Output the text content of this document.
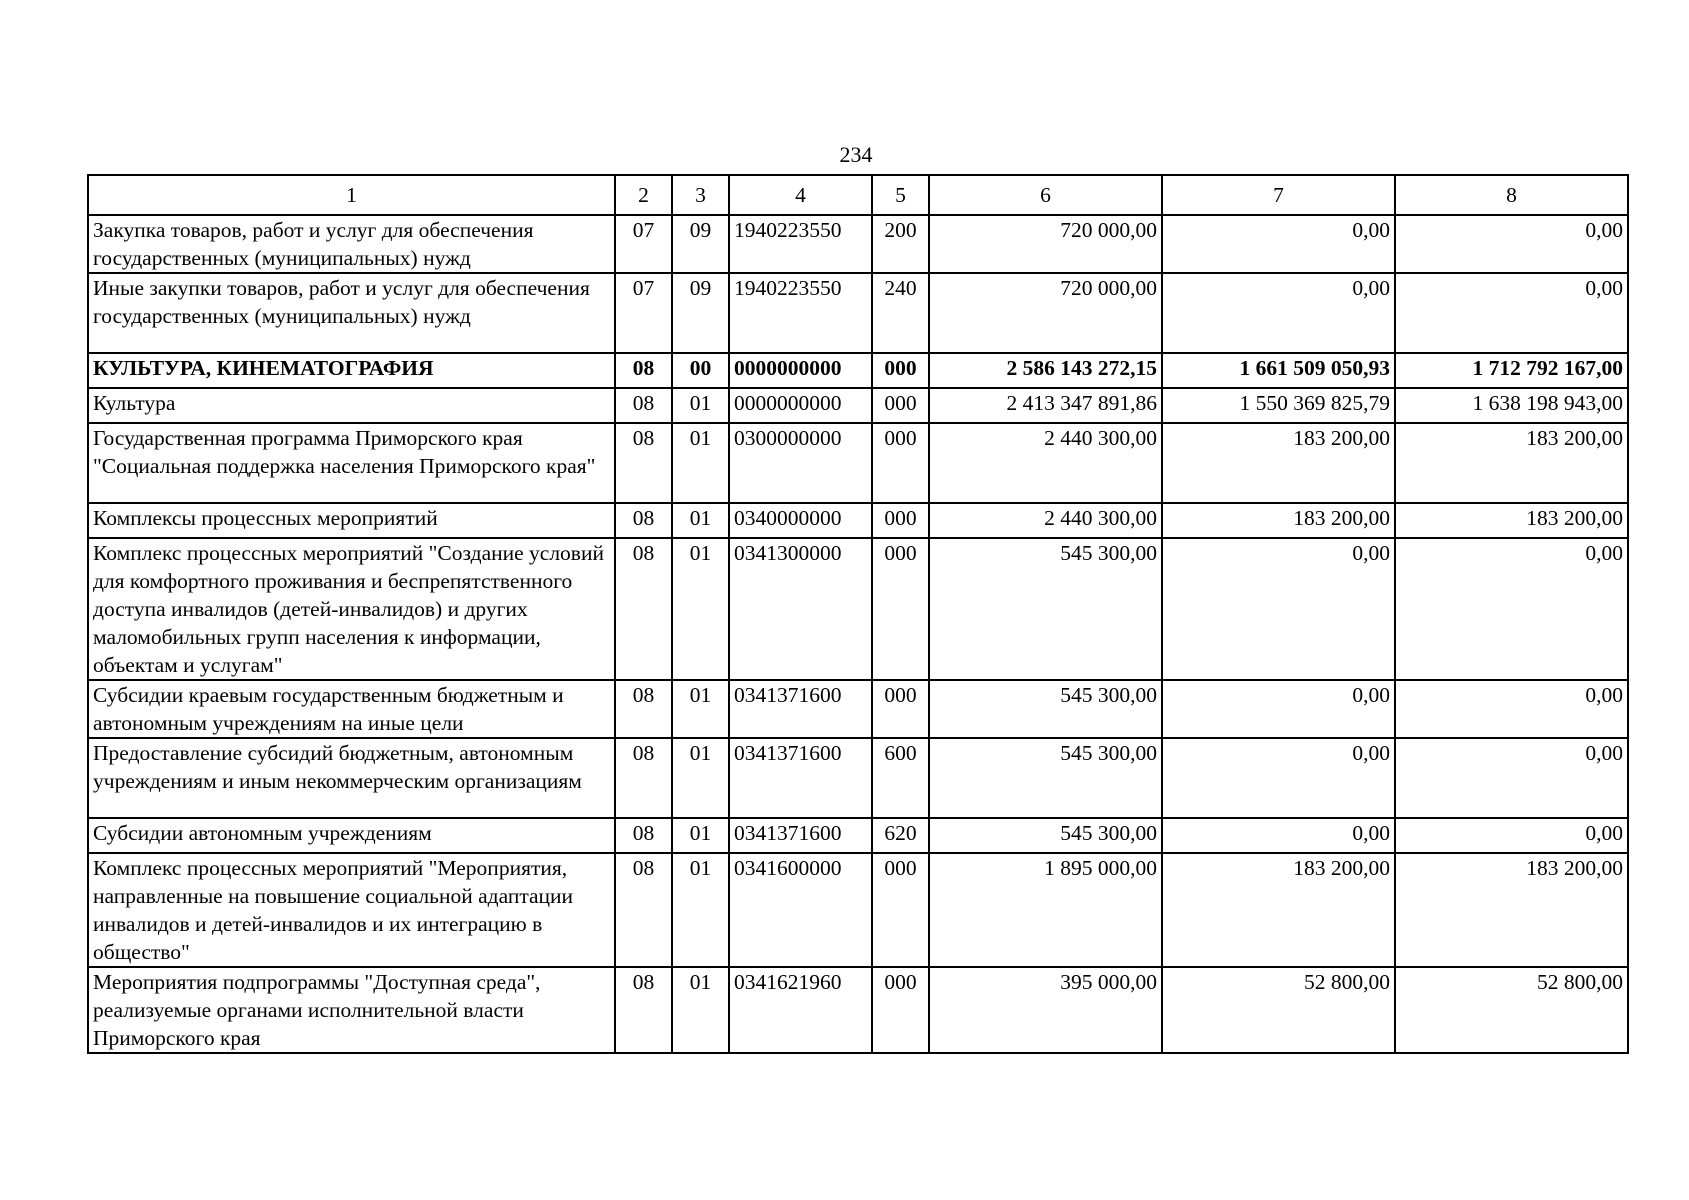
234
1	2	3	4	5	6	7	8
Закупка товаров, работ и услуг для обеспечения государственных (муниципальных) нужд	07	09	1940223550	200	720 000,00	0,00	0,00
Иные закупки товаров, работ и услуг для обеспечения государственных (муниципальных) нужд	07	09	1940223550	240	720 000,00	0,00	0,00
КУЛЬТУРА, КИНЕМАТОГРАФИЯ	08	00	0000000000	000	2 586 143 272,15	1 661 509 050,93	1 712 792 167,00
Культура	08	01	0000000000	000	2 413 347 891,86	1 550 369 825,79	1 638 198 943,00
Государственная программа Приморского края "Социальная поддержка населения Приморского края"	08	01	0300000000	000	2 440 300,00	183 200,00	183 200,00
Комплексы процессных мероприятий	08	01	0340000000	000	2 440 300,00	183 200,00	183 200,00
Комплекс процессных мероприятий "Создание условий для комфортного проживания и беспрепятственного доступа инвалидов (детей-инвалидов) и других маломобильных групп населения к информации, объектам и услугам"	08	01	0341300000	000	545 300,00	0,00	0,00
Субсидии краевым государственным бюджетным и автономным учреждениям на иные цели	08	01	0341371600	000	545 300,00	0,00	0,00
Предоставление субсидий бюджетным, автономным учреждениям и иным некоммерческим организациям	08	01	0341371600	600	545 300,00	0,00	0,00
Субсидии автономным учреждениям	08	01	0341371600	620	545 300,00	0,00	0,00
Комплекс процессных мероприятий "Мероприятия, направленные на повышение социальной адаптации инвалидов и детей-инвалидов и их интеграцию в общество"	08	01	0341600000	000	1 895 000,00	183 200,00	183 200,00
Мероприятия подпрограммы "Доступная среда", реализуемые органами исполнительной власти Приморского края	08	01	0341621960	000	395 000,00	52 800,00	52 800,00
